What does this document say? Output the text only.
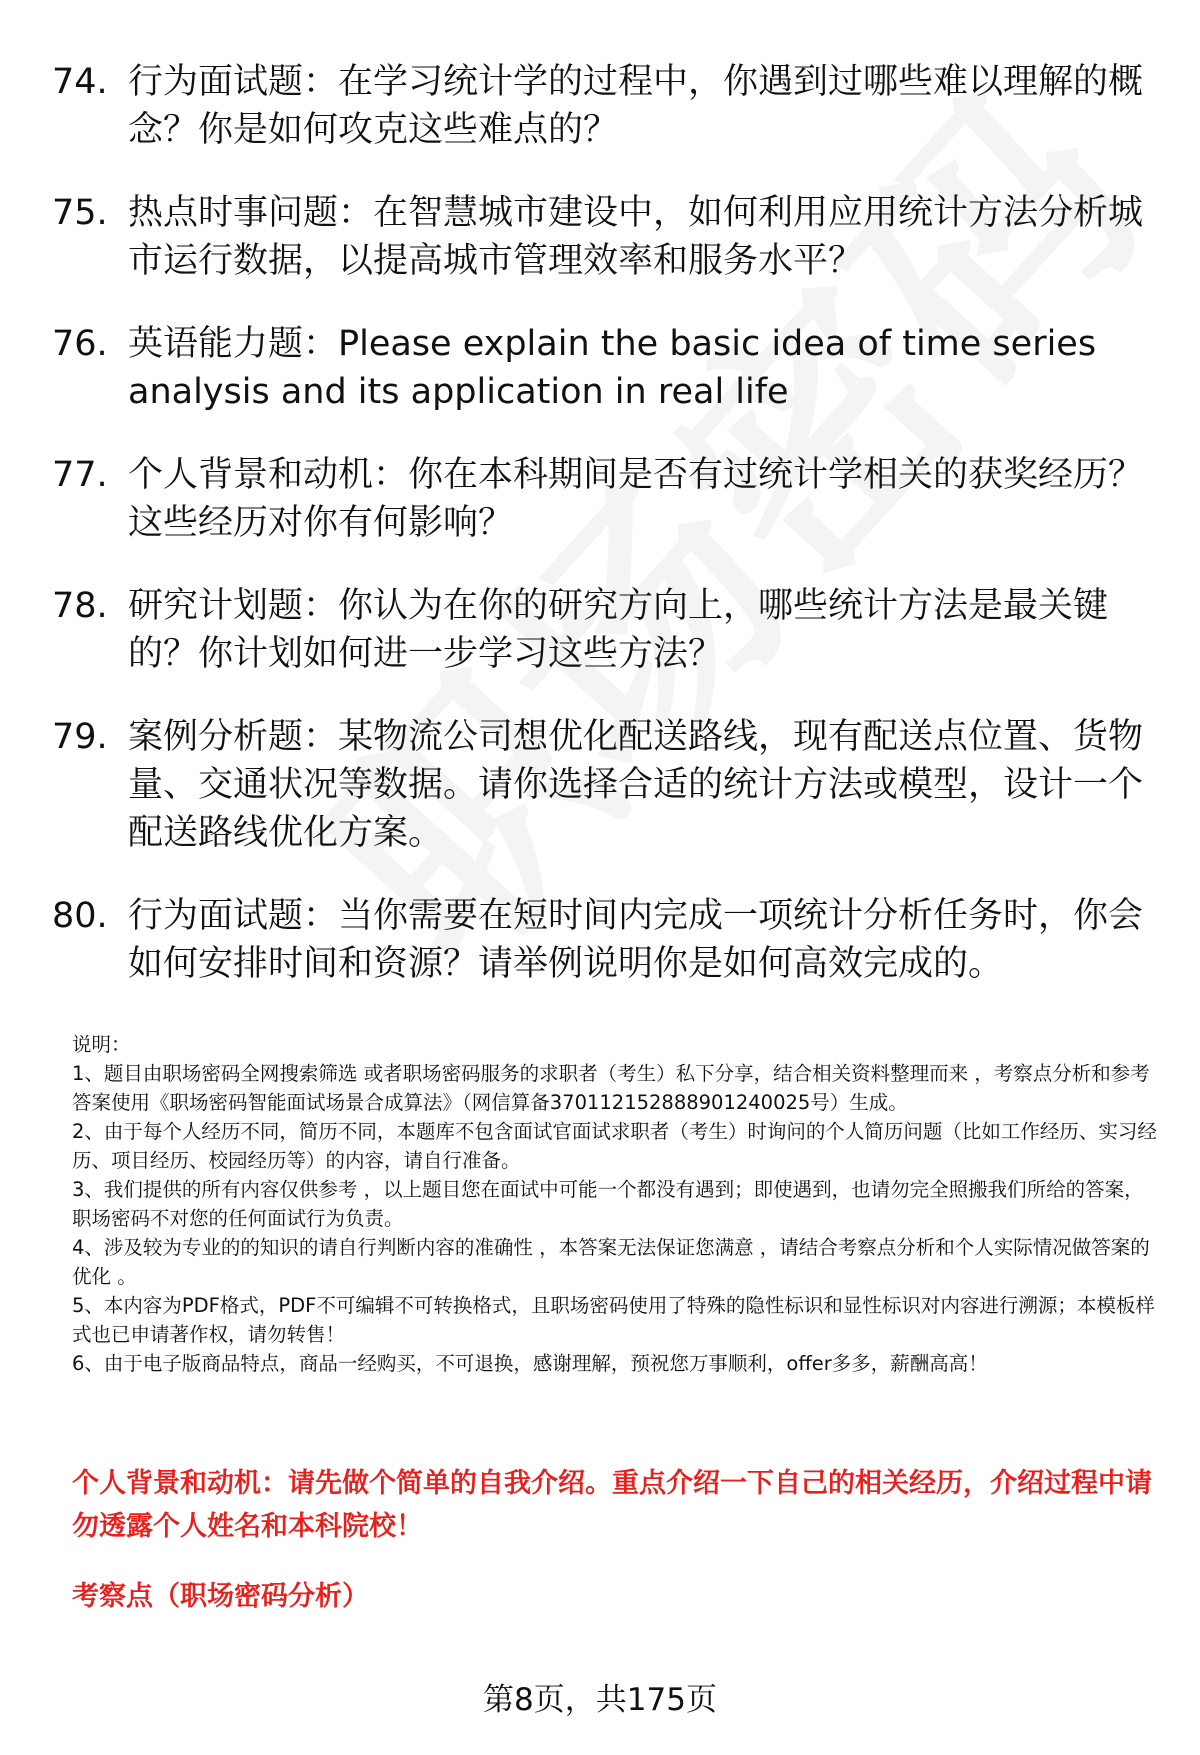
74. 行为面试题：在学习统计学的过程中，你遇到过哪些难以理解的概念？你是如何攻克这些难点的？
75. 热点时事问题：在智慧城市建设中，如何利用应用统计方法分析城市运行数据，以提高城市管理效率和服务水平？
76. 英语能力题：Please explain the basic idea of time series analysis and its application in real life
77. 个人背景和动机：你在本科期间是否有过统计学相关的获奖经历？这些经历对你有何影响？
78. 研究计划题：你认为在你的研究方向上，哪些统计方法是最关键的？你计划如何进一步学习这些方法？
79. 案例分析题：某物流公司想优化配送路线，现有配送点位置、货物量、交通状况等数据。请你选择合适的统计方法或模型，设计一个配送路线优化方案。
80. 行为面试题：当你需要在短时间内完成一项统计分析任务时，你会如何安排时间和资源？请举例说明你是如何高效完成的。

说明：

1、题目由职场密码全网搜索筛选 或者职场密码服务的求职者（考生）私下分享，结合相关资料整理而来 ，考察点分析和参考答案使用《职场密码智能面试场景合成算法》（网信算备370112152888901240025号）生成。

2、由于每个人经历不同，简历不同，本题库不包含面试官面试求职者（考生）时询问的个人简历问题（比如工作经历、实习经历、项目经历、校园经历等）的内容，请自行准备。

3、我们提供的所有内容仅供参考 ，以上题目您在面试中可能一个都没有遇到；即使遇到，也请勿完全照搬我们所给的答案，职场密码不对您的任何面试行为负责。

4、涉及较为专业的的知识的请自行判断内容的准确性 ，本答案无法保证您满意 ，请结合考察点分析和个人实际情况做答案的优化 。

5、本内容为PDF格式，PDF不可编辑不可转换格式，且职场密码使用了特殊的隐性标识和显性标识对内容进行溯源；本模板样式也已申请著作权，请勿转售！

6、由于电子版商品特点，商品一经购买，不可退换，感谢理解，预祝您万事顺利，offer多多，薪酬高高！

个人背景和动机：请先做个简单的自我介绍。重点介绍一下自己的相关经历，介绍过程中请勿透露个人姓名和本科院校！
考察点（职场密码分析）
第8页，共175页
